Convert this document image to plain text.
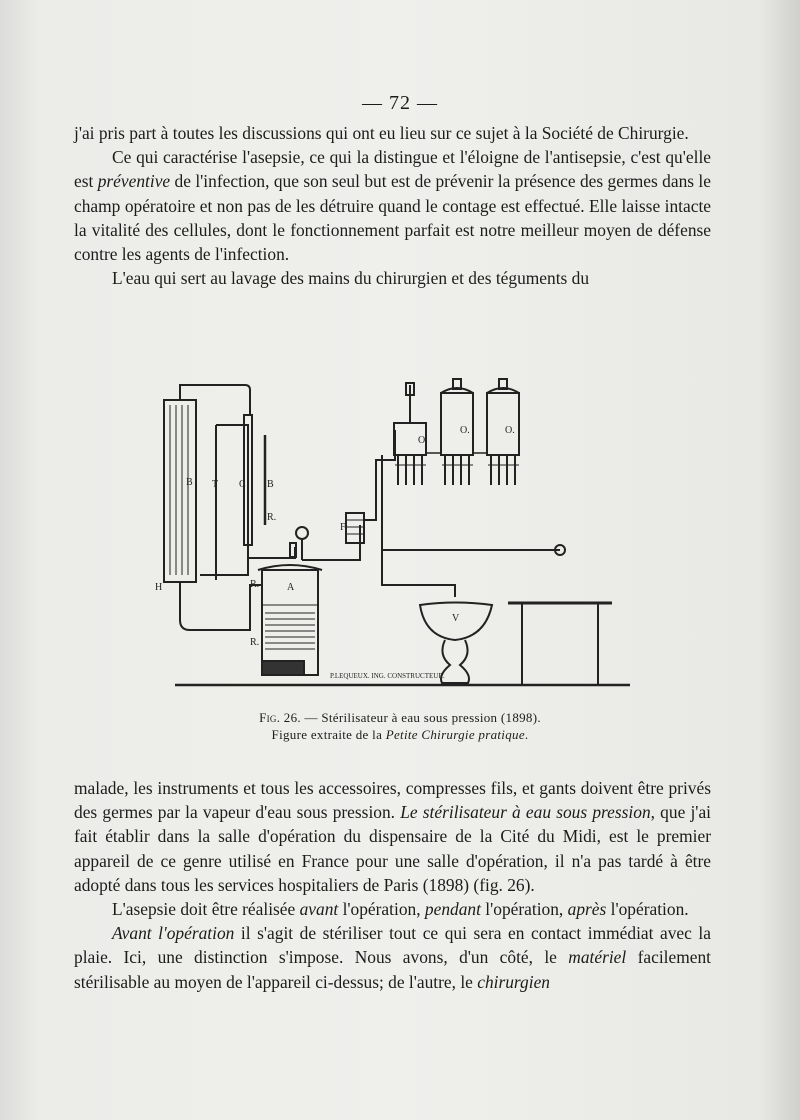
— 72 —

j'ai pris part à toutes les discussions qui ont eu lieu sur ce sujet à la Société de Chirurgie.

Ce qui caractérise l'asepsie, ce qui la distingue et l'éloigne de l'antisepsie, c'est qu'elle est préventive de l'infection, que son seul but est de prévenir la présence des germes dans le champ opératoire et non pas de les détruire quand le contage est effectué. Elle laisse intacte la vitalité des cellules, dont le fonctionnement parfait est notre meilleur moyen de défense contre les agents de l'infection.

L'eau qui sert au lavage des mains du chirurgien et des téguments du

B T C B
R.
H	R.	A
R.
F
O
O.	O.
V
P.LEQUEUX. ING. CONSTRUCTEUR.
Fig. 26. — Stérilisateur à eau sous pression (1898).
Figure extraite de la Petite Chirurgie pratique.

malade, les instruments et tous les accessoires, compresses fils, et gants doivent être privés des germes par la vapeur d'eau sous pression. Le stérilisateur à eau sous pression, que j'ai fait établir dans la salle d'opération du dispensaire de la Cité du Midi, est le premier appareil de ce genre utilisé en France pour une salle d'opération, il n'a pas tardé à être adopté dans tous les services hospitaliers de Paris (1898) (fig. 26).

L'asepsie doit être réalisée avant l'opération, pendant l'opération, après l'opération.

Avant l'opération il s'agit de stériliser tout ce qui sera en contact immédiat avec la plaie. Ici, une distinction s'impose. Nous avons, d'un côté, le matériel facilement stérilisable au moyen de l'appareil ci-dessus; de l'autre, le chirurgien
